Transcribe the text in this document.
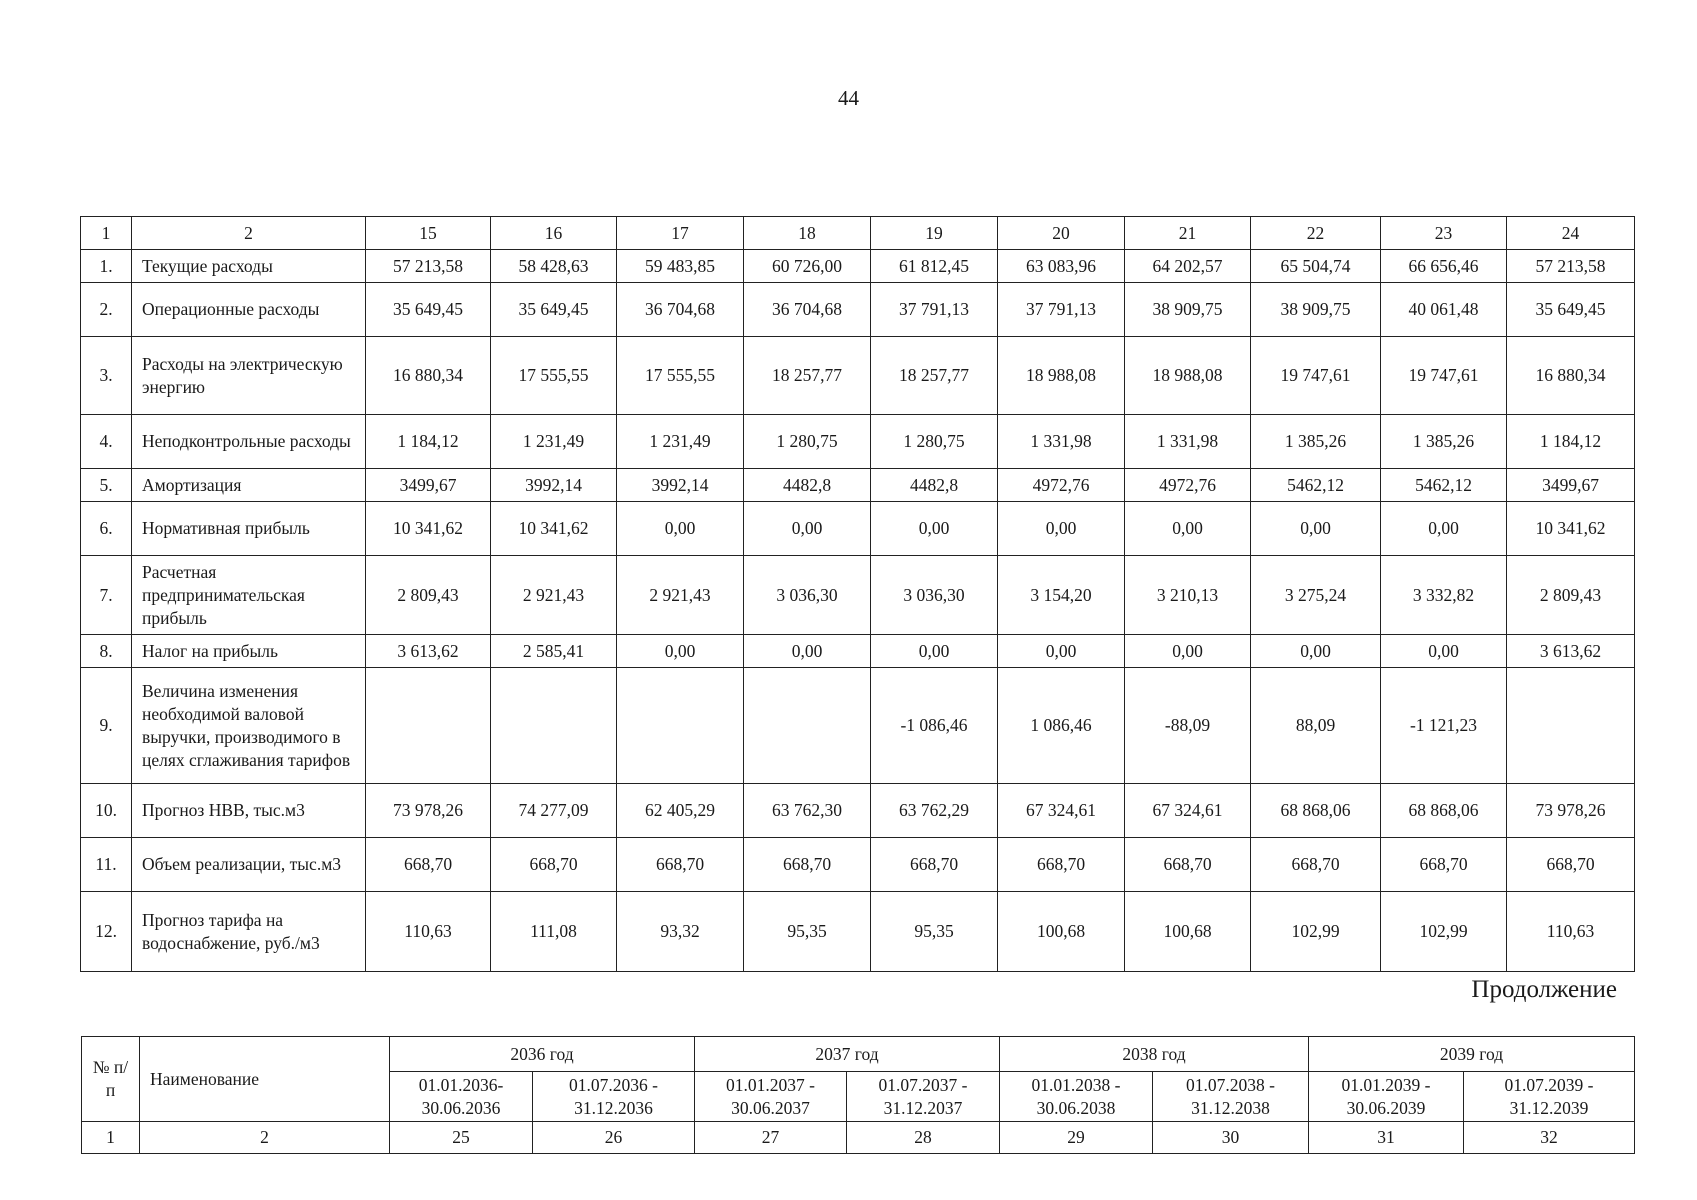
44
1	2	15	16	17	18	19	20	21	22	23	24
1.	Текущие расходы	57 213,58	58 428,63	59 483,85	60 726,00	61 812,45	63 083,96	64 202,57	65 504,74	66 656,46	57 213,58
2.	Операционные расходы	35 649,45	35 649,45	36 704,68	36 704,68	37 791,13	37 791,13	38 909,75	38 909,75	40 061,48	35 649,45
3.	Расходы на электрическую энергию	16 880,34	17 555,55	17 555,55	18 257,77	18 257,77	18 988,08	18 988,08	19 747,61	19 747,61	16 880,34
4.	Неподконтрольные расходы	1 184,12	1 231,49	1 231,49	1 280,75	1 280,75	1 331,98	1 331,98	1 385,26	1 385,26	1 184,12
5.	Амортизация	3499,67	3992,14	3992,14	4482,8	4482,8	4972,76	4972,76	5462,12	5462,12	3499,67
6.	Нормативная прибыль	10 341,62	10 341,62	0,00	0,00	0,00	0,00	0,00	0,00	0,00	10 341,62
7.	Расчетная предпринимательская прибыль	2 809,43	2 921,43	2 921,43	3 036,30	3 036,30	3 154,20	3 210,13	3 275,24	3 332,82	2 809,43
8.	Налог на прибыль	3 613,62	2 585,41	0,00	0,00	0,00	0,00	0,00	0,00	0,00	3 613,62
9.	Величина изменения необходимой валовой выручки, производимого в целях сглаживания тарифов					-1 086,46	1 086,46	-88,09	88,09	-1 121,23	
10.	Прогноз НВВ, тыс.м3	73 978,26	74 277,09	62 405,29	63 762,30	63 762,29	67 324,61	67 324,61	68 868,06	68 868,06	73 978,26
11.	Объем реализации, тыс.м3	668,70	668,70	668,70	668,70	668,70	668,70	668,70	668,70	668,70	668,70
12.	Прогноз тарифа на водоснабжение, руб./м3	110,63	111,08	93,32	95,35	95,35	100,68	100,68	102,99	102,99	110,63
Продолжение
№ п/п	Наименование	2036 год		2037 год		2038 год		2039 год	
		01.01.2036-30.06.2036	01.07.2036 - 31.12.2036	01.01.2037 - 30.06.2037	01.07.2037 - 31.12.2037	01.01.2038 - 30.06.2038	01.07.2038 - 31.12.2038	01.01.2039 - 30.06.2039	01.07.2039 - 31.12.2039
1	2	25	26	27	28	29	30	31	32
